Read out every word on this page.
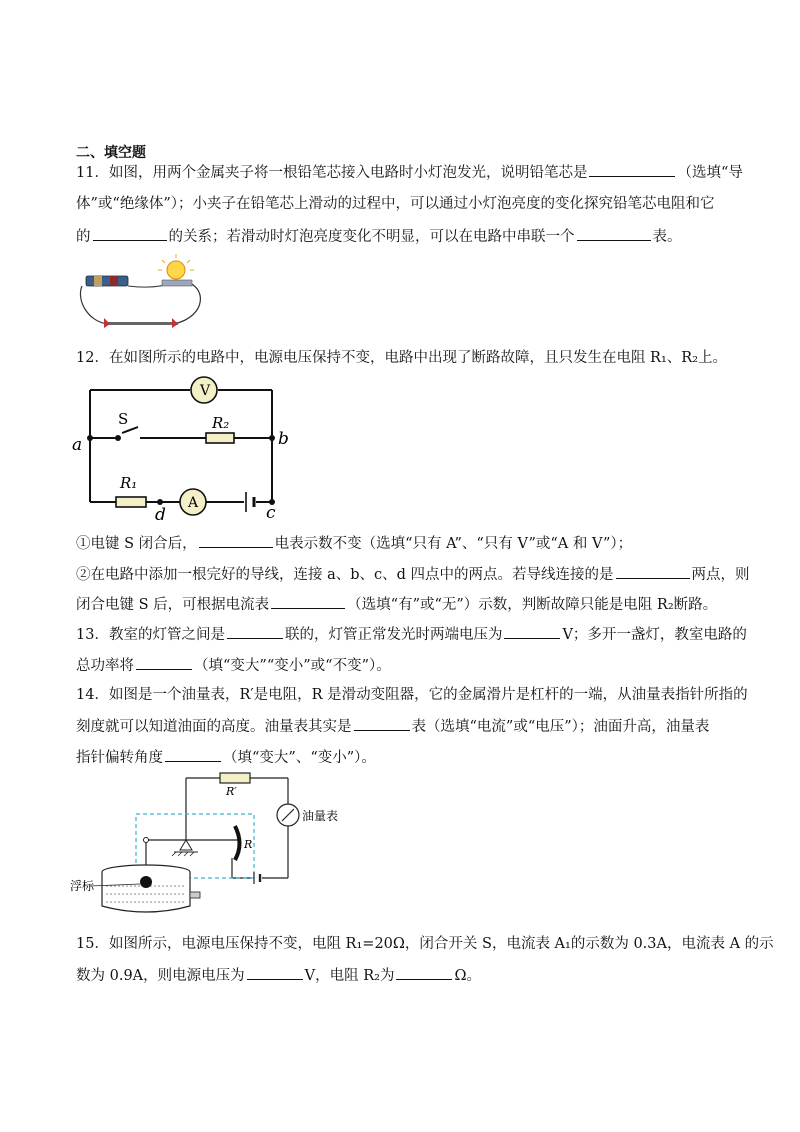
二、填空题
11．如图，用两个金属夹子将一根铅笔芯接入电路时小灯泡发光，说明铅笔芯是	（选填“导
体”或“绝缘体”）；小夹子在铅笔芯上滑动的过程中，可以通过小灯泡亮度的变化探究铅笔芯电阻和它
的	的关系；若滑动时灯泡亮度变化不明显，可以在电路中串联一个	表。
12．在如图所示的电路中，电源电压保持不变，电路中出现了断路故障，且只发生在电阻 R₁、R₂上。
V
A
S	R₂
R₁
a	b
c
d
①电键 S 闭合后，	电表示数不变（选填“只有 A”、“只有 V”或“A 和 V”）；
②在电路中添加一根完好的导线，连接 a、b、c、d 四点中的两点。若导线连接的是	两点，则
闭合电键 S 后，可根据电流表	（选填“有”或“无”）示数，判断故障只能是电阻 R₂断路。
13．教室的灯管之间是	联的，灯管正常发光时两端电压为	V；多开一盏灯，教室电路的
总功率将	（填“变大”“变小”或“不变”）。
14．如图是一个油量表，R′是电阻，R 是滑动变阻器，它的金属滑片是杠杆的一端，从油量表指针所指的
刻度就可以知道油面的高度。油量表其实是	表（选填“电流”或“电压”）；油面升高，油量表
指针偏转角度	（填“变大”、“变小”）。
R′
R
油量表
浮标
15．如图所示，电源电压保持不变，电阻 R₁=20Ω，闭合开关 S，电流表 A₁的示数为 0.3A，电流表 A 的示
数为 0.9A，则电源电压为	V，电阻 R₂为	Ω。
